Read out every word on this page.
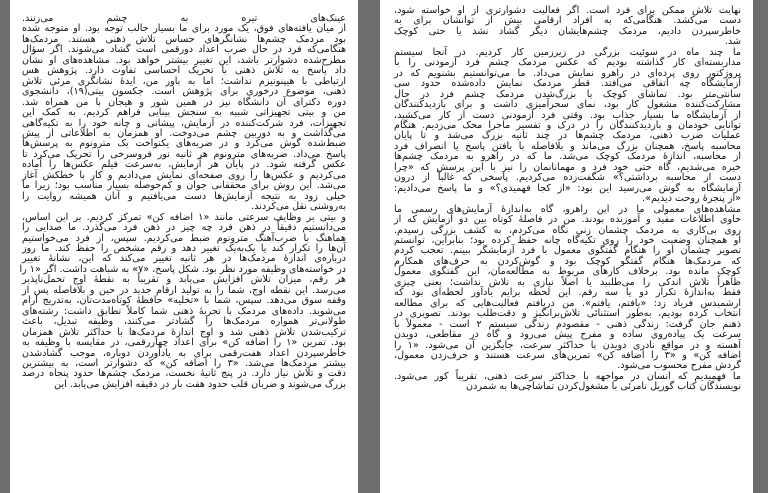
عینک‌های تیره به چشم می‌زنند.
از میان یافته‌های فوق، یک مورد برای ما بسیار جالب توجه بود. او متوجه شده
بود مردمک چشم‌ها نشانگرهای حساس تلاش ذهنی هستند. مردمک‌ها
هنگامی‌که فرد در حال ضرب اعداد دورقمی است گشاد می‌شوند. اگر سؤال
مطرح‌شده دشوارتر باشد، این تغییر بیشتر خواهد بود. مشاهده‌های او نشان
داد پاسخ به تلاش ذهنی با تحریک احساسی تفاوت دارد. پژوهش هس
ارتباطی با هیپنوتیزم نداشت؛ اما به باور من، ایدهٔ نشانگری مرئی تلاش
ذهنی، موضوع درخوری برای پژوهش است. جکسون بیتی(۱۹)، دانشجوی
دوره دکترای آن دانشگاه نیز در همین شور و هیجان با من همراه شد.
من و بیتی تجهیزاتی شبیه به سنجش بینایی فراهم کردیم. به کمک این
تجهیزات، فرد شرکت‌کننده در آزمایش، پیشانی و چانه خود را به تکیه‌گاهی
می‌گذاشت و به دوربین چشم می‌دوخت. او همزمان به اطلاعاتی از پیش
ضبط‌شده گوش می‌کرد و در ضربه‌های یکنواخت یک مترونوم به پرسش‌ها
پاسخ می‌داد. ضربه‌های مترونوم هر ثانیه نور فروسرخی را تحریک می‌کرد تا
عکس گرفته شود. در پایان هر آزمایش، به‌سرعت فیلم عکس‌ها را آماده
می‌کردیم و عکس‌ها را روی صفحه‌ای نمایش می‌دادیم و کار با خطکش آغاز
می‌شد. این روش برای محققانی جوان و کم‌حوصله بسیار مناسب بود؛ زیرا ما
خیلی زود به نتیجه آزمایش‌ها دست می‌یافتیم و آنان همیشه روایت را
به‌روشنی نقل می‌کردند.
و بیتی بر وظایف سرعتی مانند «۱ اضافه کن» تمرکز کردیم. بر این اساس،
می‌دانستیم دقیقاً در ذهن فرد چه چیز در ذهن فرد می‌گذرد. ما صدایی را
هماهنگ با ضرب‌آهنگ مترونوم ضبط می‌کردیم. سپس، از فرد می‌خواستیم
آن‌ها را تکرار کند یا یک‌به‌یک تغییر دهد و رقم مشخص را حفظ کند. ما روز
درباره‌ی اندازهٔ مردمک‌ها در هر ثانیه تغییر می‌کند که این، نشانهٔ تغییر
در خواسته‌های وظیفه مورد نظر بود. شکل پاسخ، «۷» به‌ شباهت داشت. اگر «۱ را
هر رقم، میزان تلاش افزایش می‌یابد و تقریباً به نقطهٔ اوج تحمل‌ناپذیر
می‌رسد. این نقطه اوج، شما را به تولید ارقام جدید در حین و بلافاصله پس از
وقفه سوق می‌دهد. سپس، شما با «تخلیه» حافظهٔ کوتاه‌مدت‌تان، به‌تدریج آرام
می‌شوید. داده‌های مردمک با تجربهٔ ذهنی شما کاملاً تطابق داشت: رشته‌های
طولانی‌تر همواره مردمک‌ها را گشادتر می‌کنند، وظیفه تبدیل، باعث
ترکیب‌شدن تلاش ذهنی شد و اوج اندازهٔ مردمک‌ها با حداکثر تلاش همزمان
بود. تمرین «۱ را اضافه کن» برای اعداد چهاررقمی، در مقایسه با وظیفه به
خاطرسپردن اعداد هفت‌رقمی برای به یادآوردن دوباره، موجب گشادشدن
بیشتر مردمک‌ها می‌شد. «۳ را اضافه کن» که دشوارتر است، به بیشترین
دقت و تلاش نیاز دارد. در پنج ثانیهٔ نخست، مردمک چشم‌ها حدود پنجاه درصد
بزرگ می‌شوند و ضربان قلب حدود هفت بار در دقیقه افزایش می‌یابد. این
نهایت تلاش ممکن برای فرد است. اگر فعالیت دشوارتری از او خواسته شود،
دست می‌کشد. هنگامی‌که به افراد ارقامی بیش از توانشان برای به
خاطرسپردن دادیم، مردمک چشم‌هایشان دیگر گشاد نشد یا حتی کوچک
شد.
ما چند ماه در سوئیت بزرگی در زیرزمین کار کردیم. در آنجا سیستم
مداربسته‌ای کار گذاشته بودیم که عکس مردمک چشم فرد آزمودنی را با
پروژکتور روی پرده‌ای در راهرو نمایش می‌داد. ما می‌توانستیم بشنویم که در
آزمایشگاه چه اتفاقی می‌افتد. قطر مردمک نمایش داده‌شده حدود سی
سانتی‌متر بود. تماشای کوچک یا بزرگ‌شدن مردمک چشم فرد در حال
مشارکت‌کننده مشغول کار بود، نمای سحرآمیزی داشت و برای بازدیدکنندگان
از آزمایشگاه ما بسیار جذاب بود. وقتی فرد آزمودنی دست از کار می‌کشید،
توانایی خودمان و بازدیدکنندگان را در درک و تفسیر ماجرا محک می‌زدیم. هنگام
عملیات ضرب ذهنی، مردمک چشم‌ها در چند ثانیه بزرگ می‌شد و تا پایان
محاسبه پاسخ، همچنان بزرگ می‌ماند و بلافاصله با یافتن پاسخ یا انصراف فرد
از محاسبه، اندازهٔ مردمک کوچک می‌شد. ما که در راهرو به مردمک چشم‌ها
خیره می‌شدیم، گاه حتی خود فرد و مهمانانمان را نیز با این پرسش که «چرا
دست از محاسبه برداشتی؟» شگفت‌زده می‌کردیم. پاسخی که غالباً از درون
آزمایشگاه به گوش می‌رسید این بود: «از کجا فهمیدی؟» و ما پاسخ می‌دادیم:
«از پنجرهٔ روحت دیدیم».
مشاهده‌های معمولی ما در این راهرو، گاه به‌اندازهٔ آزمایش‌های رسمی ما
حاوی اطلاعات مفید و آموزنده بودند. من در فاصلهٔ کوتاه بین دو آزمایش که از
روی بی‌کاری به مردمک چشمان زنی نگاه می‌کردم، به کشف بزرگی رسیدم.
او همچنان وضعیت خود را روی تکیه‌گاه چانه حفظ کرده بود؛ بنابراین، توانستم
تصویر چشمان او را هنگام گفتگوی معمول با فرد آزمایشگر ببینم. تعجب کردم
که مردمک‌ها هنگام گفتگو کوچک بود و گوش‌کردن به حرف‌های همکارم
کوچک مانده بود. برخلاف کارهای مربوط به مطالعه‌مان، این گفتگوی معمول
ظاهراً تلاش اندکی را می‌طلبید یا اصلاً نیازی به تلاش نداشت؛ یعنی چیزی
فقط به‌اندازهٔ تکرار دو یا سه رقم. این لحظه برایم یادآور لحظه‌ای بود که
ارشمیدس فریاد زد: «یافتم، یافتم». من دریافتم فعالیت‌هایی که برای مطالعه
انتخاب کرده بودیم، به‌طور استثنائی تلاش‌برانگیز و دقت‌طلب بودند. تصویری در
ذهنم جان گرفت: زندگی ذهنی - مقصودم زندگی سیستم ۲ است - معمولاً با
سرعت یک پیاده‌روی ساده و مفرح پیش می‌رود و گاه در مقاطعی، دویدن
آهسته و در مواقع نادری دویدن با حداکثر سرعت، جایگزین آن می‌شود. «۱ را
اضافه کن» و «۳ را اضافه کن» تمرین‌های سرعت هستند و حرف‌زدن معمول،
گردش مفرح محسوب می‌شود.
ما فهمیدیم که انسان در مواجهه با حداکثر سرعت ذهنی، تقریباً کور می‌شود.
نویسندگان کتاب گوریل نامرئی با مشغول‌کردن تماشاچی‌ها به شمردن
